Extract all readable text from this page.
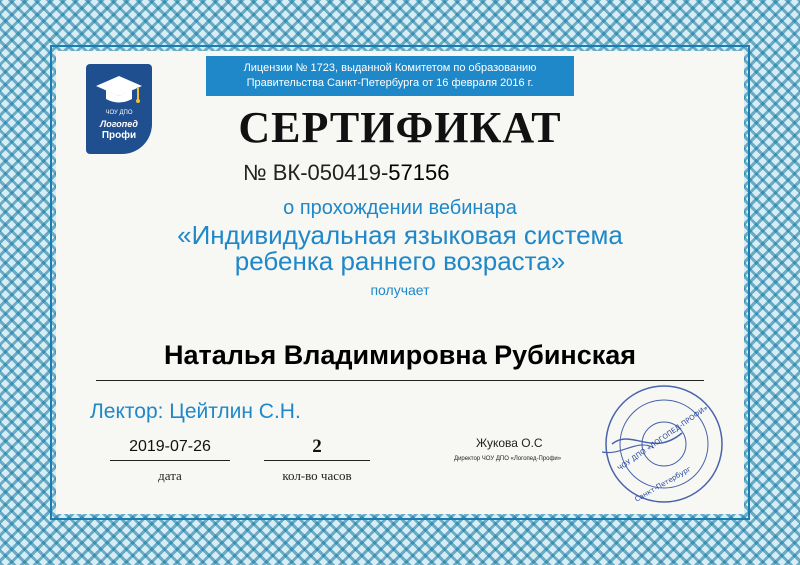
ЧОУ ДПО
Логопед
Профи
Лицензии № 1723, выданной Комитетом по образованию
Правительства Санкт-Петербурга от 16 февраля 2016 г.
СЕРТИФИКАТ
№ ВК-050419-57156
о прохождении вебинара
«Индивидуальная языковая система
ребенка раннего возраста»
получает
Наталья Владимировна Рубинская
Лектор: Цейтлин С.Н.
2019-07-26
дата
2
кол-во часов
Жукова О.С
Директор ЧОУ ДПО «Логопед-Профи»	ЧОУ ДПО «ЛОГОПЕД-ПРОФИ»
Санкт-Петербург
